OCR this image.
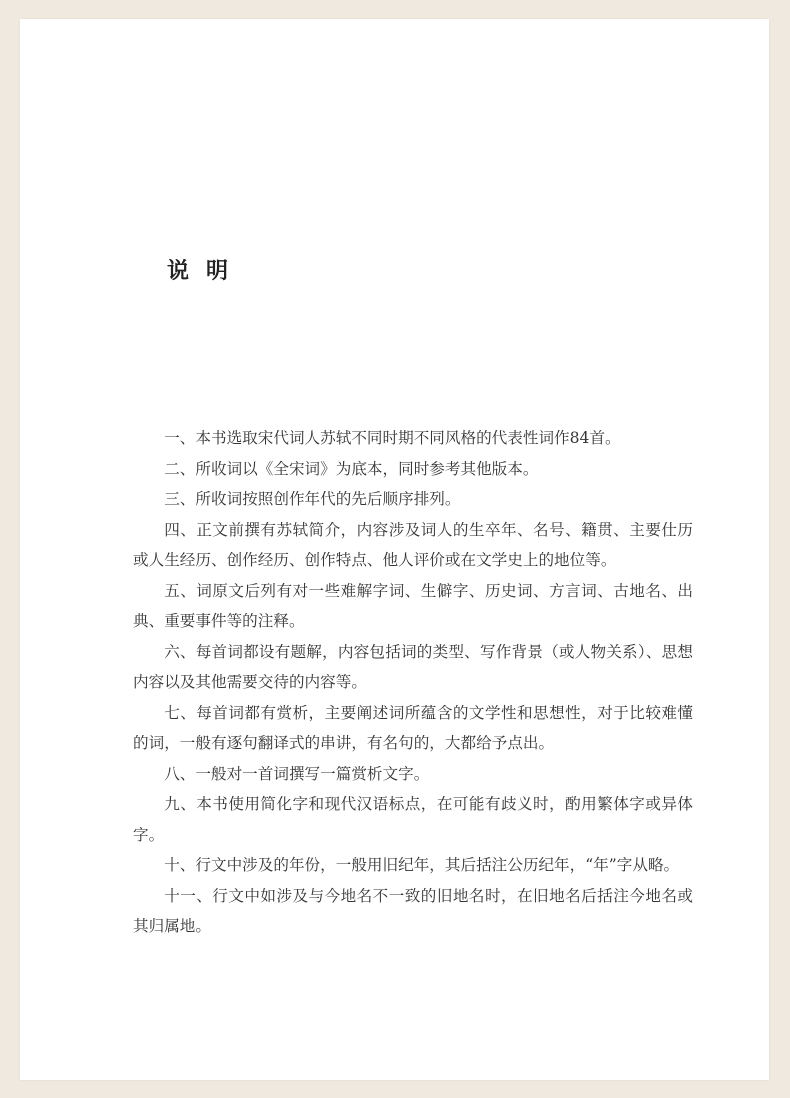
说明

一、本书选取宋代词人苏轼不同时期不同风格的代表性词作84首。

二、所收词以《全宋词》为底本，同时参考其他版本。

三、所收词按照创作年代的先后顺序排列。

四、正文前撰有苏轼简介，内容涉及词人的生卒年、名号、籍贯、主要仕历或人生经历、创作经历、创作特点、他人评价或在文学史上的地位等。

五、词原文后列有对一些难解字词、生僻字、历史词、方言词、古地名、出典、重要事件等的注释。

六、每首词都设有题解，内容包括词的类型、写作背景（或人物关系）、思想内容以及其他需要交待的内容等。

七、每首词都有赏析，主要阐述词所蕴含的文学性和思想性，对于比较难懂的词，一般有逐句翻译式的串讲，有名句的，大都给予点出。

八、一般对一首词撰写一篇赏析文字。

九、本书使用简化字和现代汉语标点，在可能有歧义时，酌用繁体字或异体字。

十、行文中涉及的年份，一般用旧纪年，其后括注公历纪年，“年”字从略。

十一、行文中如涉及与今地名不一致的旧地名时，在旧地名后括注今地名或其归属地。
